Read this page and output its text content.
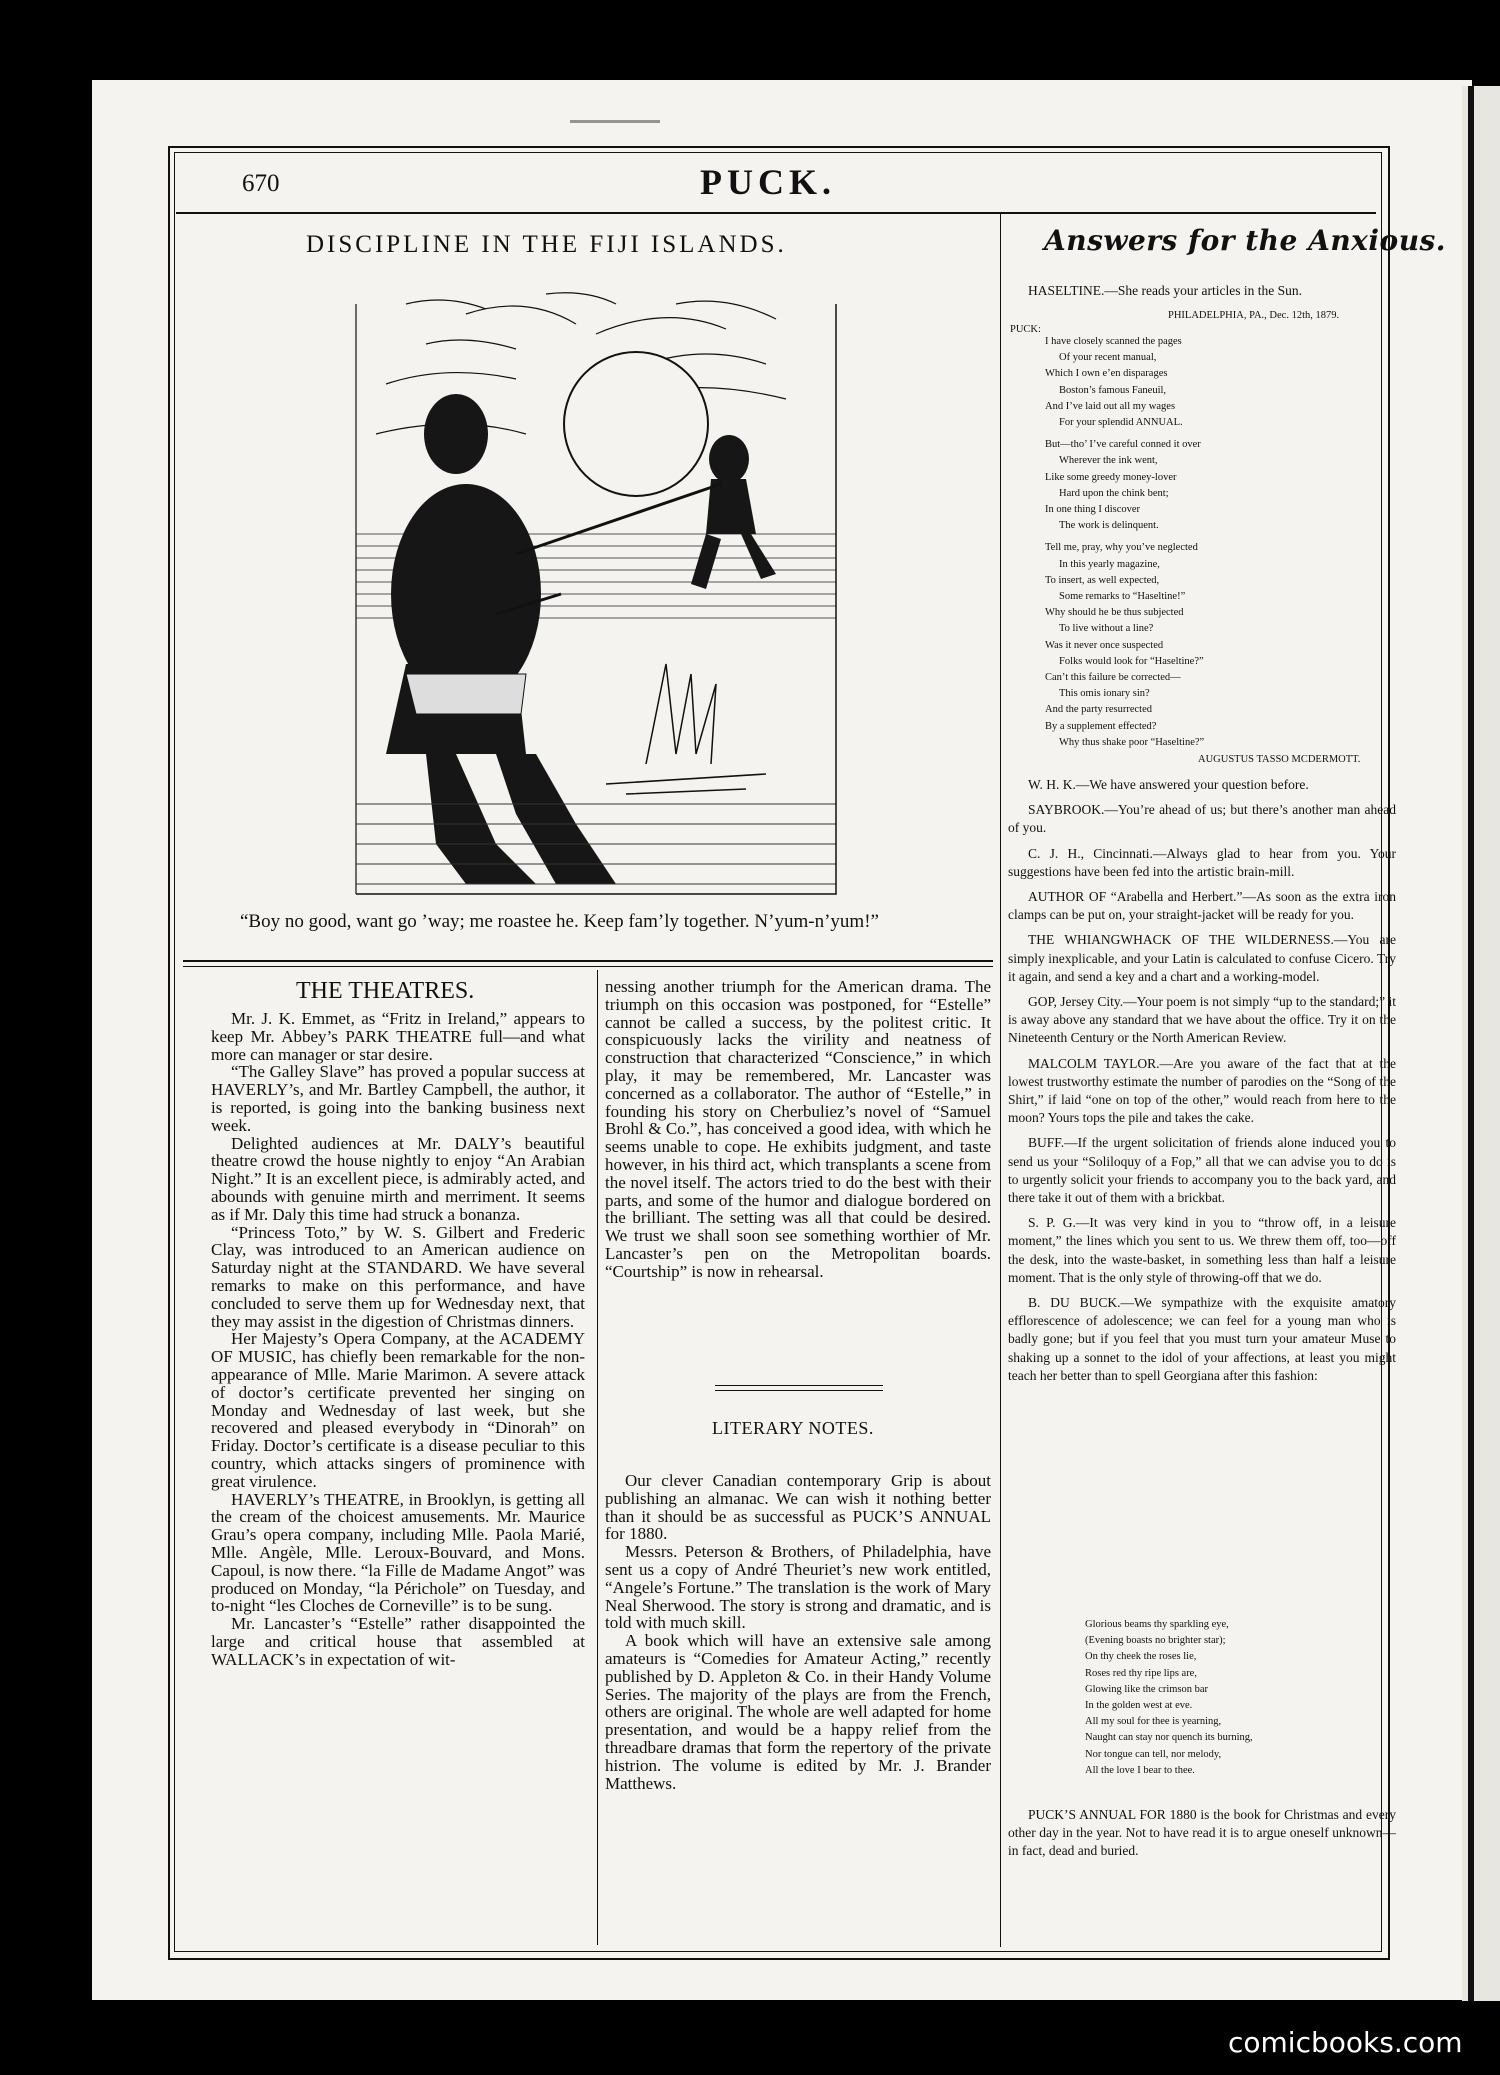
670	PUCK.
DISCIPLINE IN THE FIJI ISLANDS.
“Boy no good, want go ’way; me roastee he. Keep fam’ly together. N’yum-n’yum!”
THE THEATRES.

Mr. J. K. Emmet, as “Fritz in Ireland,” appears to keep Mr. Abbey’s PARK THEATRE full—and what more can manager or star desire.

“The Galley Slave” has proved a popular success at HAVERLY’s, and Mr. Bartley Campbell, the author, it is reported, is going into the banking business next week.

Delighted audiences at Mr. DALY’s beautiful theatre crowd the house nightly to enjoy “An Arabian Night.” It is an excellent piece, is admirably acted, and abounds with genuine mirth and merriment. It seems as if Mr. Daly this time had struck a bonanza.

“Princess Toto,” by W. S. Gilbert and Frederic Clay, was introduced to an American audience on Saturday night at the STANDARD. We have several remarks to make on this performance, and have concluded to serve them up for Wednesday next, that they may assist in the digestion of Christmas dinners.

Her Majesty’s Opera Company, at the ACADEMY OF MUSIC, has chiefly been remarkable for the non-appearance of Mlle. Marie Marimon. A severe attack of doctor’s certificate prevented her singing on Monday and Wednesday of last week, but she recovered and pleased everybody in “Dinorah” on Friday. Doctor’s certificate is a disease peculiar to this country, which attacks singers of prominence with great virulence.

HAVERLY’s THEATRE, in Brooklyn, is getting all the cream of the choicest amusements. Mr. Maurice Grau’s opera company, including Mlle. Paola Marié, Mlle. Angèle, Mlle. Leroux-Bouvard, and Mons. Capoul, is now there. “la Fille de Madame Angot” was produced on Monday, “la Périchole” on Tuesday, and to-night “les Cloches de Corneville” is to be sung.

Mr. Lancaster’s “Estelle” rather disappointed the large and critical house that assembled at WALLACK’s in expectation of wit-

nessing another triumph for the American drama. The triumph on this occasion was postponed, for “Estelle” cannot be called a success, by the politest critic. It conspicuously lacks the virility and neatness of construction that characterized “Conscience,” in which play, it may be remembered, Mr. Lancaster was concerned as a collaborator. The author of “Estelle,” in founding his story on Cherbuliez’s novel of “Samuel Brohl & Co.”, has conceived a good idea, with which he seems unable to cope. He exhibits judgment, and taste however, in his third act, which transplants a scene from the novel itself. The actors tried to do the best with their parts, and some of the humor and dialogue bordered on the brilliant. The setting was all that could be desired. We trust we shall soon see something worthier of Mr. Lancaster’s pen on the Metropolitan boards. “Courtship” is now in rehearsal.

LITERARY NOTES.

Our clever Canadian contemporary Grip is about publishing an almanac. We can wish it nothing better than it should be as successful as PUCK’S ANNUAL for 1880.

Messrs. Peterson & Brothers, of Philadelphia, have sent us a copy of André Theuriet’s new work entitled, “Angele’s Fortune.” The translation is the work of Mary Neal Sherwood. The story is strong and dramatic, and is told with much skill.

A book which will have an extensive sale among amateurs is “Comedies for Amateur Acting,” recently published by D. Appleton & Co. in their Handy Volume Series. The majority of the plays are from the French, others are original. The whole are well adapted for home presentation, and would be a happy relief from the threadbare dramas that form the repertory of the private histrion. The volume is edited by Mr. J. Brander Matthews.

Answers for the Anxious.

HASELTINE.—She reads your articles in the Sun.

PHILADELPHIA, PA., Dec. 12th, 1879.
PUCK:
I have closely scanned the pages
Of your recent manual,
Which I own e’en disparages
Boston’s famous Faneuil,
And I’ve laid out all my wages
For your splendid ANNUAL.
But—tho’ I’ve careful conned it over
Wherever the ink went,
Like some greedy money-lover
Hard upon the chink bent;
In one thing I discover
The work is delinquent.
Tell me, pray, why you’ve neglected
In this yearly magazine,
To insert, as well expected,
Some remarks to “Haseltine!”
Why should he be thus subjected
To live without a line?
Was it never once suspected
Folks would look for “Haseltine?”
Can’t this failure be corrected—
This omis ionary sin?
And the party resurrected
By a supplement effected?
Why thus shake poor “Haseltine?”
AUGUSTUS TASSO MCDERMOTT.

W. H. K.—We have answered your question before.

SAYBROOK.—You’re ahead of us; but there’s another man ahead of you.

C. J. H., Cincinnati.—Always glad to hear from you. Your suggestions have been fed into the artistic brain-mill.

AUTHOR OF “Arabella and Herbert.”—As soon as the extra iron clamps can be put on, your straight-jacket will be ready for you.

THE WHIANGWHACK OF THE WILDERNESS.—You are simply inexplicable, and your Latin is calculated to confuse Cicero. Try it again, and send a key and a chart and a working-model.

GOP, Jersey City.—Your poem is not simply “up to the standard;” it is away above any standard that we have about the office. Try it on the Nineteenth Century or the North American Review.

MALCOLM TAYLOR.—Are you aware of the fact that at the lowest trustworthy estimate the number of parodies on the “Song of the Shirt,” if laid “one on top of the other,” would reach from here to the moon? Yours tops the pile and takes the cake.

BUFF.—If the urgent solicitation of friends alone induced you to send us your “Soliloquy of a Fop,” all that we can advise you to do is to urgently solicit your friends to accompany you to the back yard, and there take it out of them with a brickbat.

S. P. G.—It was very kind in you to “throw off, in a leisure moment,” the lines which you sent to us. We threw them off, too—off the desk, into the waste-basket, in something less than half a leisure moment. That is the only style of throwing-off that we do.

B. DU BUCK.—We sympathize with the exquisite amatory efflorescence of adolescence; we can feel for a young man who is badly gone; but if you feel that you must turn your amateur Muse to shaking up a sonnet to the idol of your affections, at least you might teach her better than to spell Georgiana after this fashion:

Glorious beams thy sparkling eye,
(Evening boasts no brighter star);
On thy cheek the roses lie,
Roses red thy ripe lips are,
Glowing like the crimson bar
In the golden west at eve.
All my soul for thee is yearning,
Naught can stay nor quench its burning,
Nor tongue can tell, nor melody,
All the love I bear to thee.

PUCK’S ANNUAL FOR 1880 is the book for Christmas and every other day in the year. Not to have read it is to argue oneself unknown—in fact, dead and buried.

comicbooks.com
